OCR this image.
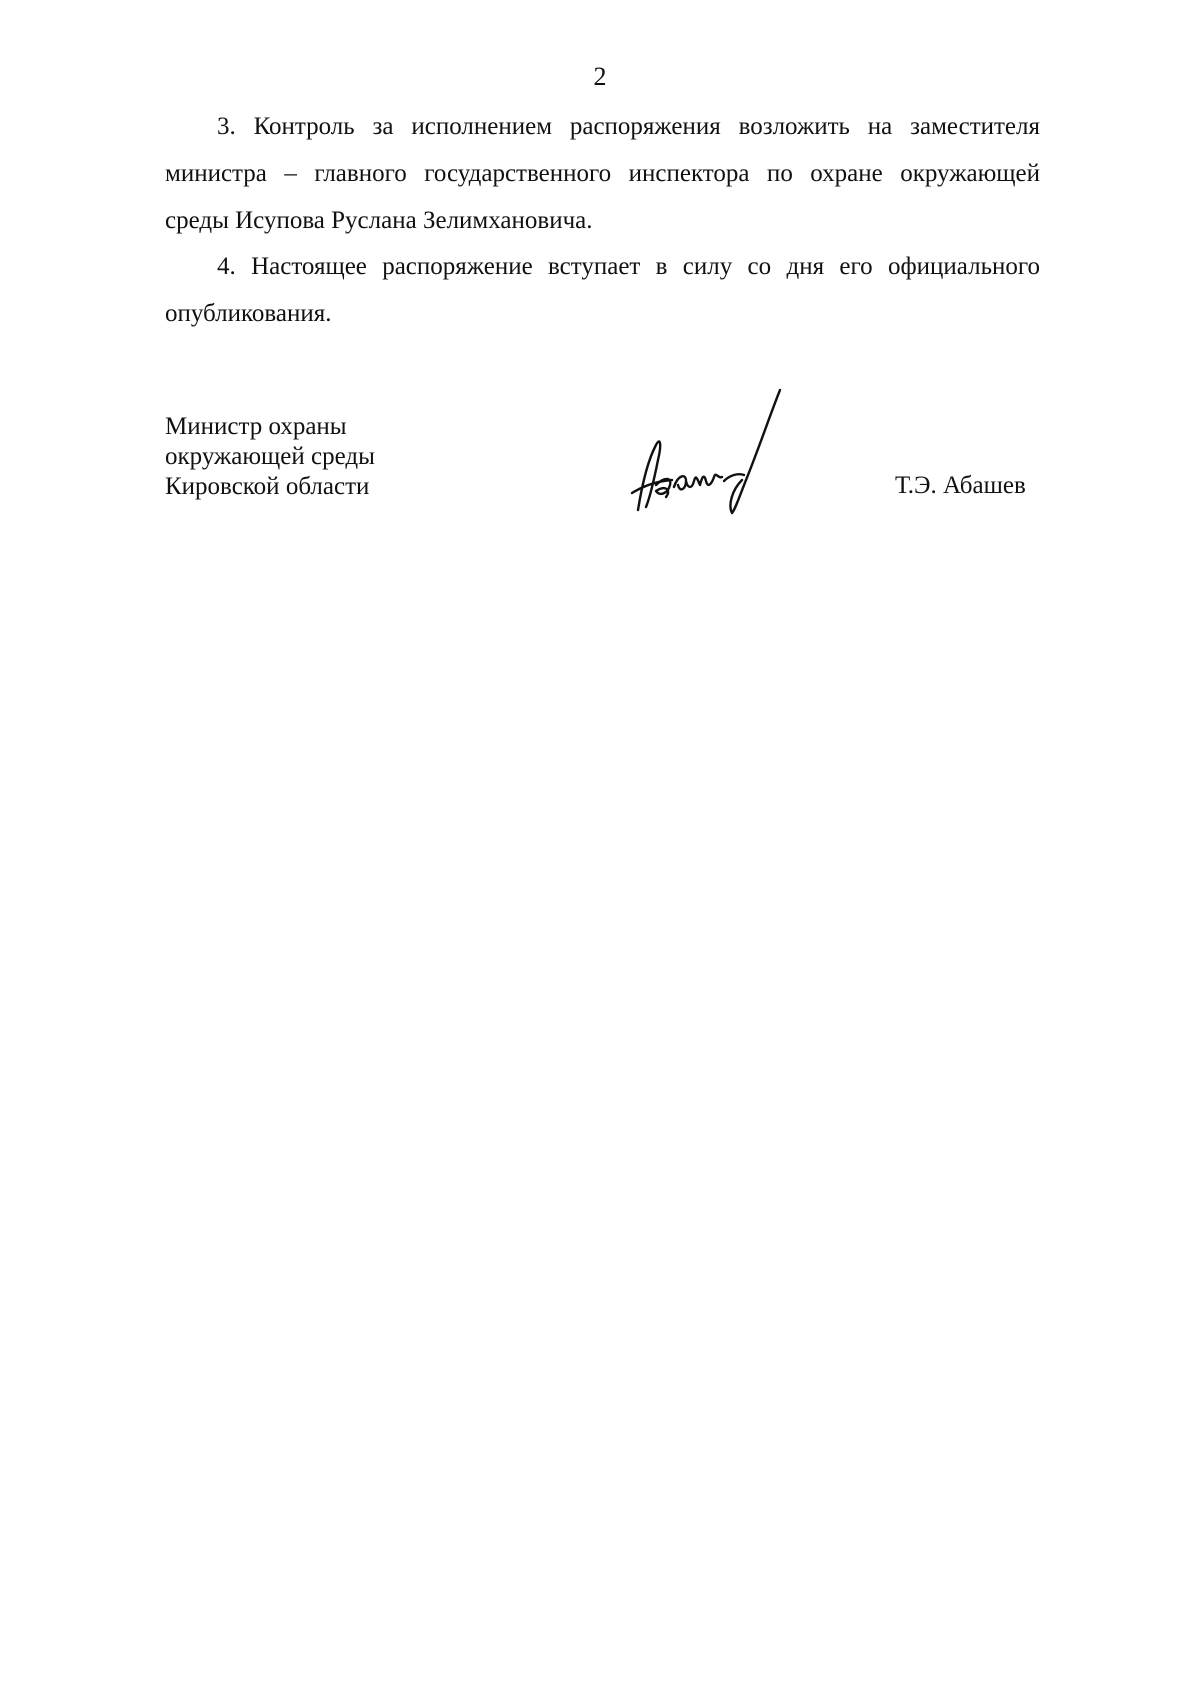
2
3. Контроль за исполнением распоряжения возложить на заместителя
министра – главного государственного инспектора по охране окружающей
среды Исупова Руслана Зелимхановича.
4. Настоящее распоряжение вступает в силу со дня его официального
опубликования.
Министр охраны
окружающей среды
Кировской области	Т.Э. Абашев
